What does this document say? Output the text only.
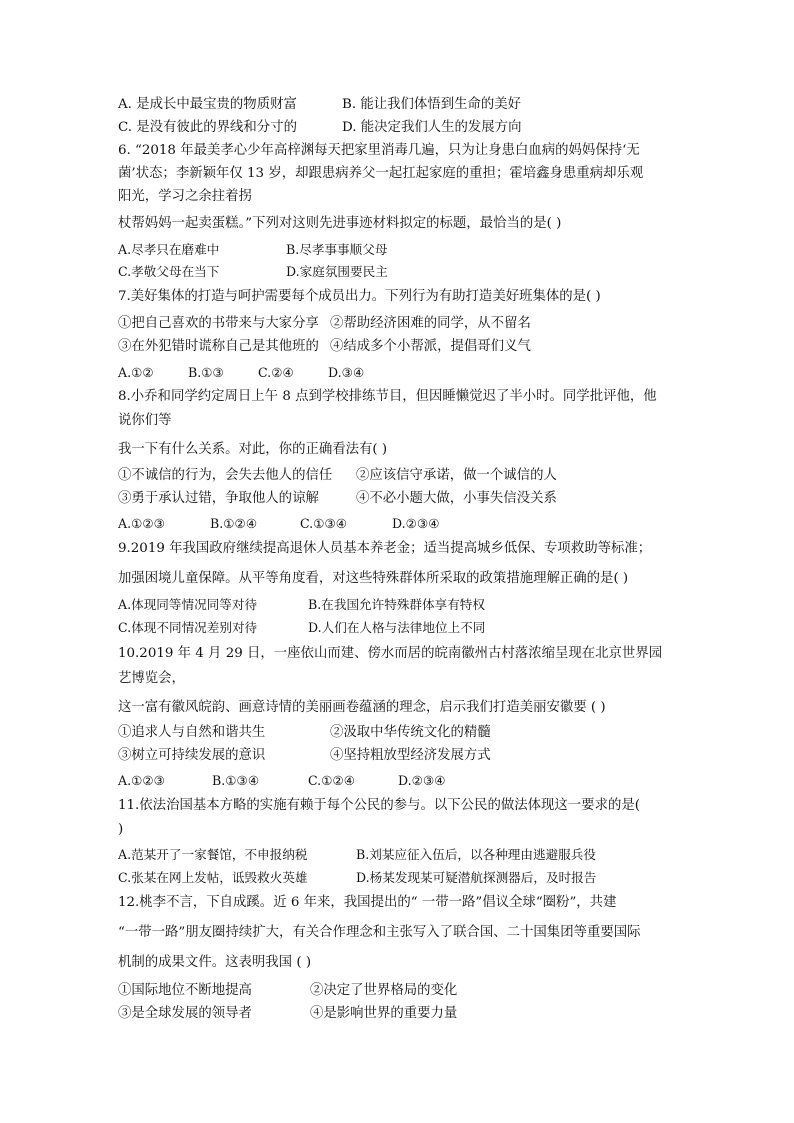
A. 是成长中最宝贵的物质财富	B. 能让我们体悟到生命的美好
C. 是没有彼此的界线和分寸的	D. 能决定我们人生的发展方向
6. “2018 年最美孝心少年高梓渊每天把家里消毒几遍，只为让身患白血病的妈妈保持‘无
菌’状态；李新颖年仅 13 岁，却跟患病养父一起扛起家庭的重担；霍培鑫身患重病却乐观
阳光，学习之余拄着拐
杖帮妈妈一起卖蛋糕。”下列对这则先进事迹材料拟定的标题，最恰当的是( )
A.尽孝只在磨难中	B.尽孝事事顺父母
C.孝敬父母在当下	D.家庭氛围要民主
7.美好集体的打造与呵护需要每个成员出力。下列行为有助打造美好班集体的是( )
①把自己喜欢的书带来与大家分享 ②帮助经济困难的同学，从不留名
③在外犯错时谎称自己是其他班的 ④结成多个小帮派，提倡哥们义气
A.①②	B.①③	C.②④	D.③④
8.小乔和同学约定周日上午 8 点到学校排练节目，但因睡懒觉迟了半小时。同学批评他，他
说你们等
我一下有什么关系。对此，你的正确看法有( )
①不诚信的行为，会失去他人的信任 ②应该信守承诺，做一个诚信的人
③勇于承认过错，争取他人的谅解	④不必小题大做，小事失信没关系
A.①②③	B.①②④	C.①③④	D.②③④
9.2019 年我国政府继续提高退休人员基本养老金；适当提高城乡低保、专项救助等标准；
加强困境儿童保障。从平等角度看，对这些特殊群体所采取的政策措施理解正确的是( )
A.体现同等情况同等对待	B.在我国允许特殊群体享有特权
C.体现不同情况差别对待	D.人们在人格与法律地位上不同
10.2019 年 4 月 29 日，一座依山而建、傍水而居的皖南徽州古村落浓缩呈现在北京世界园
艺博览会，
这一富有徽风皖韵、画意诗情的美丽画卷蕴涵的理念，启示我们打造美丽安徽要 ( )
①追求人与自然和谐共生	②汲取中华传统文化的精髓
③树立可持续发展的意识	④坚持粗放型经济发展方式
A.①②③	B.①③④	C.①②④	D.②③④
11.依法治国基本方略的实施有赖于每个公民的参与。以下公民的做法体现这一要求的是(
)
A.范某开了一家餐馆，不申报纳税	B.刘某应征入伍后，以各种理由逃避服兵役
C.张某在网上发帖，诋毁救火英雄	D.杨某发现某可疑潜航探测器后，及时报告
12.桃李不言，下自成蹊。近 6 年来，我国提出的“ 一带一路”倡议全球“圈粉”，共建
“一带一路”朋友圈持续扩大，有关合作理念和主张写入了联合国、二十国集团等重要国际
机制的成果文件。这表明我国 ( )
①国际地位不断地提高	②决定了世界格局的变化
③是全球发展的领导者	④是影响世界的重要力量
